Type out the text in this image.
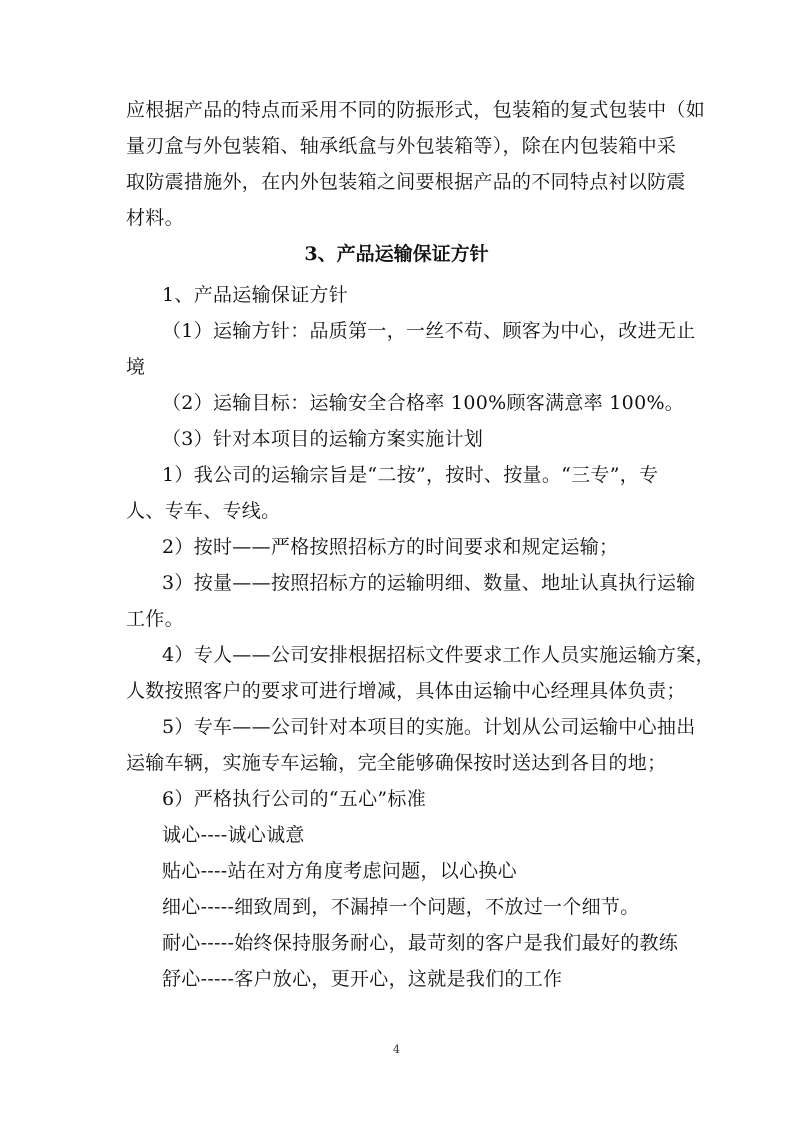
应根据产品的特点而采用不同的防振形式，包装箱的复式包装中（如
量刃盒与外包装箱、轴承纸盒与外包装箱等），除在内包装箱中采
取防震措施外，在内外包装箱之间要根据产品的不同特点衬以防震
材料。
3、产品运输保证方针
1、产品运输保证方针
（1）运输方针：品质第一，一丝不苟、顾客为中心，改进无止
境
（2）运输目标：运输安全合格率 100%顾客满意率 100%。
（3）针对本项目的运输方案实施计划
1）我公司的运输宗旨是“二按”，按时、按量。“三专”，专
人、专车、专线。
2）按时——严格按照招标方的时间要求和规定运输；
3）按量——按照招标方的运输明细、数量、地址认真执行运输
工作。
4）专人——公司安排根据招标文件要求工作人员实施运输方案，
人数按照客户的要求可进行增减，具体由运输中心经理具体负责；
5）专车——公司针对本项目的实施。计划从公司运输中心抽出
运输车辆，实施专车运输，完全能够确保按时送达到各目的地；
6）严格执行公司的“五心”标准
诚心----诚心诚意
贴心----站在对方角度考虑问题，以心换心
细心-----细致周到，不漏掉一个问题，不放过一个细节。
耐心-----始终保持服务耐心，最苛刻的客户是我们最好的教练
舒心-----客户放心，更开心，这就是我们的工作
4
